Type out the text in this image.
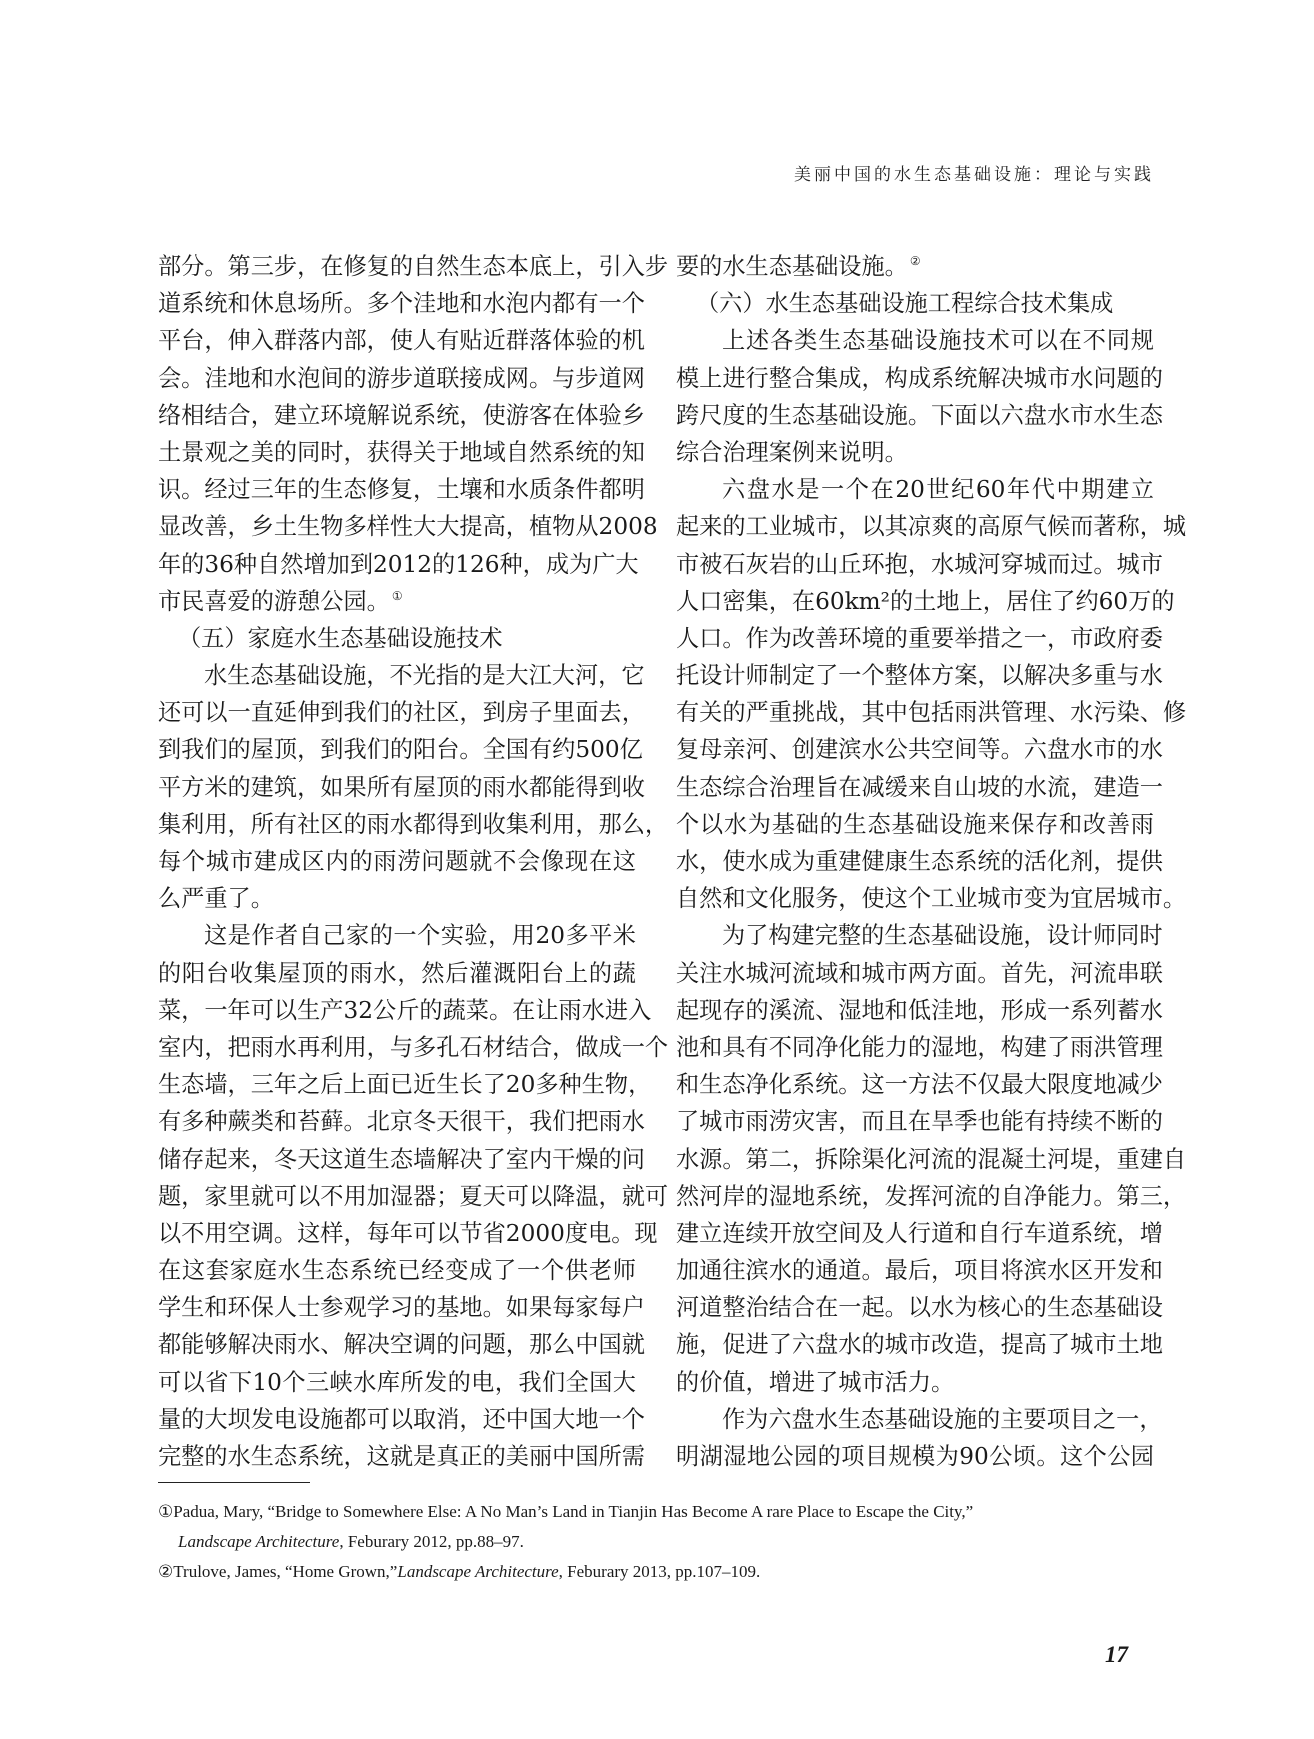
美丽中国的水生态基础设施：理论与实践
部分。第三步，在修复的自然生态本底上，引入步
道系统和休息场所。多个洼地和水泡内都有一个
平台，伸入群落内部，使人有贴近群落体验的机
会。洼地和水泡间的游步道联接成网。与步道网
络相结合，建立环境解说系统，使游客在体验乡
土景观之美的同时，获得关于地域自然系统的知
识。经过三年的生态修复，土壤和水质条件都明
显改善，乡土生物多样性大大提高，植物从2008
年的36种自然增加到2012的126种，成为广大
市民喜爱的游憩公园。 ①
（五）家庭水生态基础设施技术
水生态基础设施，不光指的是大江大河，它
还可以一直延伸到我们的社区，到房子里面去，
到我们的屋顶，到我们的阳台。全国有约500亿
平方米的建筑，如果所有屋顶的雨水都能得到收
集利用，所有社区的雨水都得到收集利用，那么，
每个城市建成区内的雨涝问题就不会像现在这
么严重了。
这是作者自己家的一个实验，用20多平米
的阳台收集屋顶的雨水，然后灌溉阳台上的蔬
菜，一年可以生产32公斤的蔬菜。在让雨水进入
室内，把雨水再利用，与多孔石材结合，做成一个
生态墙，三年之后上面已近生长了20多种生物，
有多种蕨类和苔藓。北京冬天很干，我们把雨水
储存起来，冬天这道生态墙解决了室内干燥的问
题，家里就可以不用加湿器；夏天可以降温，就可
以不用空调。这样，每年可以节省2000度电。现
在这套家庭水生态系统已经变成了一个供老师
学生和环保人士参观学习的基地。如果每家每户
都能够解决雨水、解决空调的问题，那么中国就
可以省下10个三峡水库所发的电，我们全国大
量的大坝发电设施都可以取消，还中国大地一个
完整的水生态系统，这就是真正的美丽中国所需
要的水生态基础设施。 ②
（六）水生态基础设施工程综合技术集成
上述各类生态基础设施技术可以在不同规
模上进行整合集成，构成系统解决城市水问题的
跨尺度的生态基础设施。下面以六盘水市水生态
综合治理案例来说明。
六盘水是一个在20世纪60年代中期建立
起来的工业城市，以其凉爽的高原气候而著称，城
市被石灰岩的山丘环抱，水城河穿城而过。城市
人口密集，在60km²的土地上，居住了约60万的
人口。作为改善环境的重要举措之一，市政府委
托设计师制定了一个整体方案，以解决多重与水
有关的严重挑战，其中包括雨洪管理、水污染、修
复母亲河、创建滨水公共空间等。六盘水市的水
生态综合治理旨在减缓来自山坡的水流，建造一
个以水为基础的生态基础设施来保存和改善雨
水，使水成为重建健康生态系统的活化剂，提供
自然和文化服务，使这个工业城市变为宜居城市。
为了构建完整的生态基础设施，设计师同时
关注水城河流域和城市两方面。首先，河流串联
起现存的溪流、湿地和低洼地，形成一系列蓄水
池和具有不同净化能力的湿地，构建了雨洪管理
和生态净化系统。这一方法不仅最大限度地减少
了城市雨涝灾害，而且在旱季也能有持续不断的
水源。第二，拆除渠化河流的混凝土河堤，重建自
然河岸的湿地系统，发挥河流的自净能力。第三，
建立连续开放空间及人行道和自行车道系统，增
加通往滨水的通道。最后，项目将滨水区开发和
河道整治结合在一起。以水为核心的生态基础设
施，促进了六盘水的城市改造，提高了城市土地
的价值，增进了城市活力。
作为六盘水生态基础设施的主要项目之一，
明湖湿地公园的项目规模为90公顷。这个公园
①Padua, Mary, “Bridge to Somewhere Else: A No Man’s Land in Tianjin Has Become A rare Place to Escape the City,”
Landscape Architecture, Feburary 2012, pp.88–97.
②Trulove, James, “Home Grown,”Landscape Architecture, Feburary 2013, pp.107–109.
17
